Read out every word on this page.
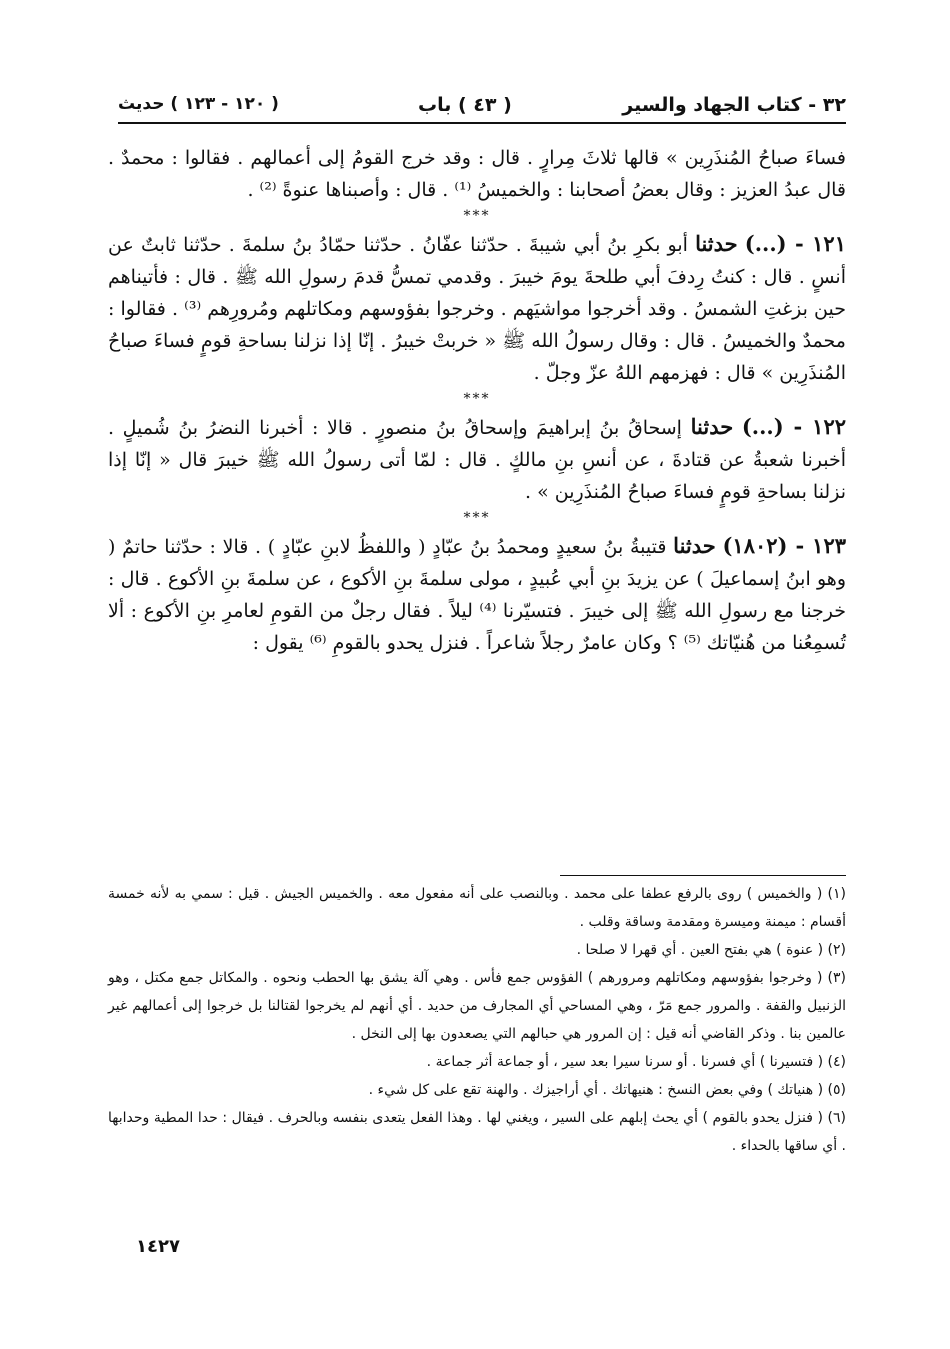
٣٢ - كتاب الجهاد والسير
( ٤٣ ) باب
( ١٢٠ - ١٢٣ ) حديث

فساءَ صباحُ المُنذَرِين » قالها ثلاثَ مِرارٍ . قال : وقد خرج القومُ إلى أعمالهم . فقالوا : محمدٌ . قال عبدُ العزيز : وقال بعضُ أصحابنا : والخميسُ ⁽¹⁾ . قال : وأصبناها عنوةً ⁽²⁾ .

***

١٢١ - (...) حدثنا أبو بكرِ بنُ أبي شيبةَ . حدّثنا عفّانُ . حدّثنا حمّادُ بنُ سلمةَ . حدّثنا ثابتٌ عن أنسٍ . قال : كنتُ رِدفَ أبي طلحةَ يومَ خيبرَ . وقدمي تمسُّ قدمَ رسولِ الله ﷺ . قال : فأتيناهم حين بزغتِ الشمسُ . وقد أخرجوا مواشيَهم . وخرجوا بفؤوسهم ومكاتلهم ومُرورِهم ⁽³⁾ . فقالوا : محمدٌ والخميسُ . قال : وقال رسولُ الله ﷺ « خربتْ خيبرُ . إنّا إذا نزلنا بساحةِ قومٍ فساءَ صباحُ المُنذَرِين » قال : فهزمهم اللهُ عزّ وجلّ .

***

١٢٢ - (...) حدثنا إسحاقُ بنُ إبراهيمَ وإسحاقُ بنُ منصورٍ . قالا : أخبرنا النضرُ بنُ شُميلٍ . أخبرنا شعبةُ عن قتادةَ ، عن أنسِ بنِ مالكٍ . قال : لمّا أتى رسولُ الله ﷺ خيبرَ قال « إنّا إذا نزلنا بساحةِ قومٍ فساءَ صباحُ المُنذَرِين » .

***

١٢٣ - (١٨٠٢) حدثنا قتيبةُ بنُ سعيدٍ ومحمدُ بنُ عبّادٍ ( واللفظُ لابنِ عبّادٍ ) . قالا : حدّثنا حاتمٌ ( وهو ابنُ إسماعيلَ ) عن يزيدَ بنِ أبي عُبيدٍ ، مولى سلمةَ بنِ الأكوع ، عن سلمةَ بنِ الأكوع . قال : خرجنا مع رسولِ الله ﷺ إلى خيبرَ . فتسيّرنا ⁽⁴⁾ ليلاً . فقال رجلٌ من القومِ لعامرِ بنِ الأكوع : ألا تُسمِعُنا من هُنيّاتك ⁽⁵⁾ ؟ وكان عامرٌ رجلاً شاعراً . فنزل يحدو بالقومِ ⁽⁶⁾ يقول :

(١) ( والخميس ) روى بالرفع عطفا على محمد . وبالنصب على أنه مفعول معه . والخميس الجيش . قيل : سمي به لأنه خمسة أقسام : ميمنة وميسرة ومقدمة وساقة وقلب .

(٢) ( عنوة ) هي بفتح العين . أي قهرا لا صلحا .

(٣) ( وخرجوا بفؤوسهم ومكاتلهم ومرورهم ) الفؤوس جمع فأس . وهي آلة يشق بها الحطب ونحوه . والمكاتل جمع مكتل ، وهو الزنبيل والقفة . والمرور جمع مَرّ ، وهي المساحي أي المجارف من حديد . أي أنهم لم يخرجوا لقتالنا بل خرجوا إلى أعمالهم غير عالمين بنا . وذكر القاضي أنه قيل : إن المرور هي حبالهم التي يصعدون بها إلى النخل .

(٤) ( فتسيرنا ) أي فسرنا . أو سرنا سيرا بعد سير ، أو جماعة أثر جماعة .

(٥) ( هنياتك ) وفي بعض النسخ : هنيهاتك . أي أراجيزك . والهنة تقع على كل شيء .

(٦) ( فنزل يحدو بالقوم ) أي يحث إبلهم على السير ، ويغني لها . وهذا الفعل يتعدى بنفسه وبالحرف . فيقال : حدا المطية وحدابها . أي ساقها بالحداء .

١٤٢٧
